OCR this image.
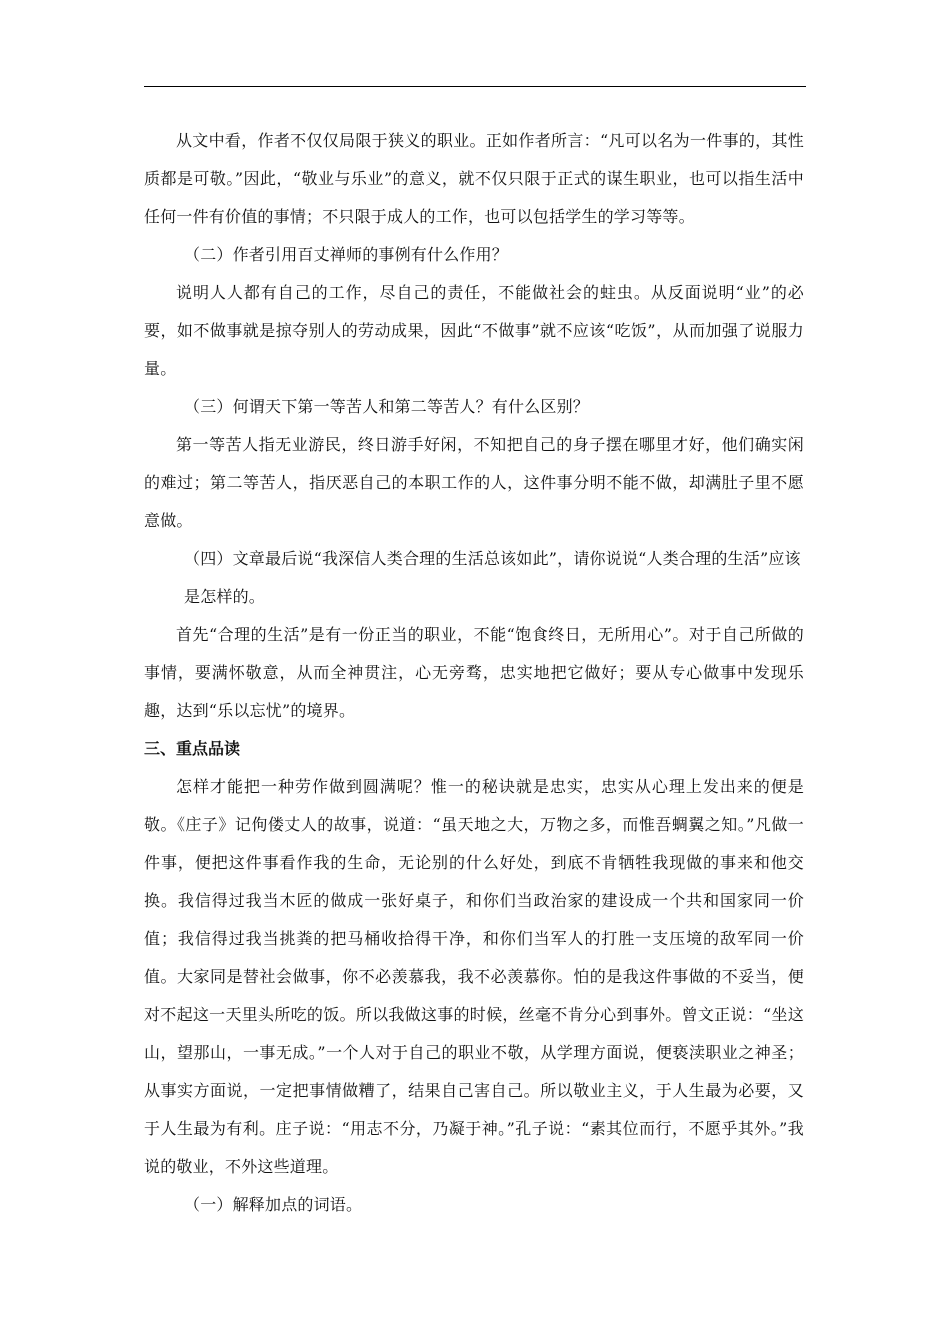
从文中看，作者不仅仅局限于狭义的职业。正如作者所言：“凡可以名为一件事的，其性质都是可敬。”因此，“敬业与乐业”的意义，就不仅只限于正式的谋生职业，也可以指生活中任何一件有价值的事情；不只限于成人的工作，也可以包括学生的学习等等。

（二）作者引用百丈禅师的事例有什么作用？

说明人人都有自己的工作，尽自己的责任，不能做社会的蛀虫。从反面说明“业”的必要，如不做事就是掠夺别人的劳动成果，因此“不做事”就不应该“吃饭”，从而加强了说服力量。

（三）何谓天下第一等苦人和第二等苦人？有什么区别？

第一等苦人指无业游民，终日游手好闲，不知把自己的身子摆在哪里才好，他们确实闲的难过；第二等苦人，指厌恶自己的本职工作的人，这件事分明不能不做，却满肚子里不愿意做。

（四）文章最后说“我深信人类合理的生活总该如此”，请你说说“人类合理的生活”应该是怎样的。

首先“合理的生活”是有一份正当的职业，不能“饱食终日，无所用心”。对于自己所做的事情，要满怀敬意，从而全神贯注，心无旁骛，忠实地把它做好；要从专心做事中发现乐趣，达到“乐以忘忧”的境界。

三、重点品读

怎样才能把一种劳作做到圆满呢？惟一的秘诀就是忠实，忠实从心理上发出来的便是敬。《庄子》记佝偻丈人的故事，说道：“虽天地之大，万物之多，而惟吾蜩翼之知。”凡做一件事，便把这件事看作我的生命，无论别的什么好处，到底不肯牺牲我现做的事来和他交换。我信得过我当木匠的做成一张好桌子，和你们当政治家的建设成一个共和国家同一价值；我信得过我当挑粪的把马桶收拾得干净，和你们当军人的打胜一支压境的敌军同一价值。大家同是替社会做事，你不必羡慕我，我不必羡慕你。怕的是我这件事做的不妥当，便对不起这一天里头所吃的饭。所以我做这事的时候，丝毫不肯分心到事外。曾文正说：“坐这山，望那山，一事无成。”一个人对于自己的职业不敬，从学理方面说，便亵渎职业之神圣；从事实方面说，一定把事情做糟了，结果自己害自己。所以敬业主义，于人生最为必要，又于人生最为有利。庄子说：“用志不分，乃凝于神。”孔子说：“素其位而行，不愿乎其外。”我说的敬业，不外这些道理。

（一）解释加点的词语。
